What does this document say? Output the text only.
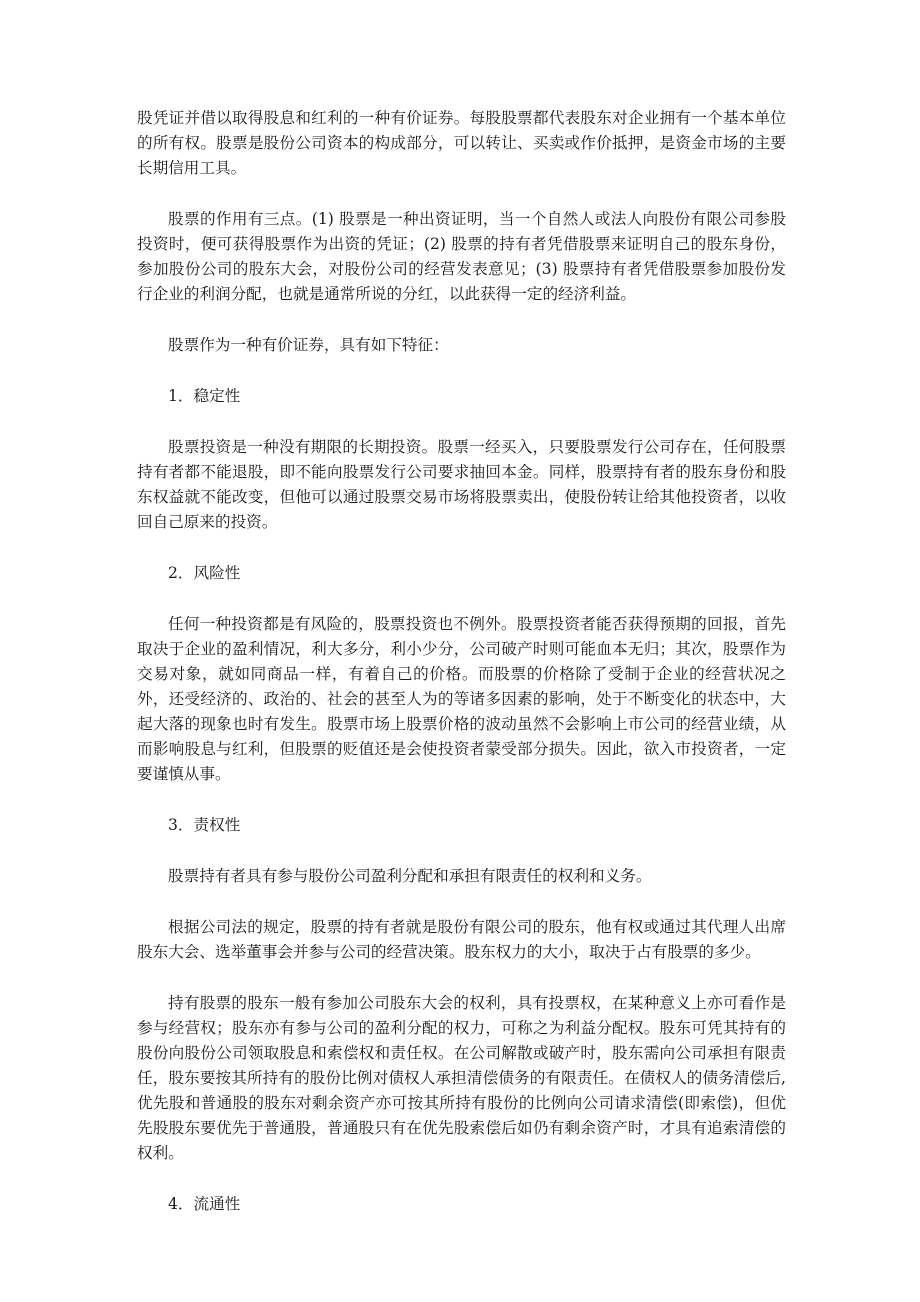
股凭证并借以取得股息和红利的一种有价证券。每股股票都代表股东对企业拥有一个基本单位的所有权。股票是股份公司资本的构成部分，可以转让、买卖或作价抵押，是资金市场的主要长期信用工具。

股票的作用有三点。(1) 股票是一种出资证明，当一个自然人或法人向股份有限公司参股投资时，便可获得股票作为出资的凭证；(2) 股票的持有者凭借股票来证明自己的股东身份，参加股份公司的股东大会，对股份公司的经营发表意见；(3) 股票持有者凭借股票参加股份发行企业的利润分配，也就是通常所说的分红，以此获得一定的经济利益。

股票作为一种有价证券，具有如下特征：

1．稳定性

股票投资是一种没有期限的长期投资。股票一经买入，只要股票发行公司存在，任何股票持有者都不能退股，即不能向股票发行公司要求抽回本金。同样，股票持有者的股东身份和股东权益就不能改变，但他可以通过股票交易市场将股票卖出，使股份转让给其他投资者，以收回自己原来的投资。

2．风险性

任何一种投资都是有风险的，股票投资也不例外。股票投资者能否获得预期的回报，首先取决于企业的盈利情况，利大多分，利小少分，公司破产时则可能血本无归；其次，股票作为交易对象，就如同商品一样，有着自己的价格。而股票的价格除了受制于企业的经营状况之外，还受经济的、政治的、社会的甚至人为的等诸多因素的影响，处于不断变化的状态中，大起大落的现象也时有发生。股票市场上股票价格的波动虽然不会影响上市公司的经营业绩，从而影响股息与红利，但股票的贬值还是会使投资者蒙受部分损失。因此，欲入市投资者，一定要谨慎从事。

3．责权性

股票持有者具有参与股份公司盈利分配和承担有限责任的权利和义务。

根据公司法的规定，股票的持有者就是股份有限公司的股东，他有权或通过其代理人出席股东大会、选举董事会并参与公司的经营决策。股东权力的大小，取决于占有股票的多少。

持有股票的股东一般有参加公司股东大会的权利，具有投票权，在某种意义上亦可看作是参与经营权；股东亦有参与公司的盈利分配的权力，可称之为利益分配权。股东可凭其持有的股份向股份公司领取股息和索偿权和责任权。在公司解散或破产时，股东需向公司承担有限责任，股东要按其所持有的股份比例对债权人承担清偿债务的有限责任。在债权人的债务清偿后,优先股和普通股的股东对剩余资产亦可按其所持有股份的比例向公司请求清偿(即索偿)，但优先股股东要优先于普通股，普通股只有在优先股索偿后如仍有剩余资产时，才具有追索清偿的权利。

4．流通性
